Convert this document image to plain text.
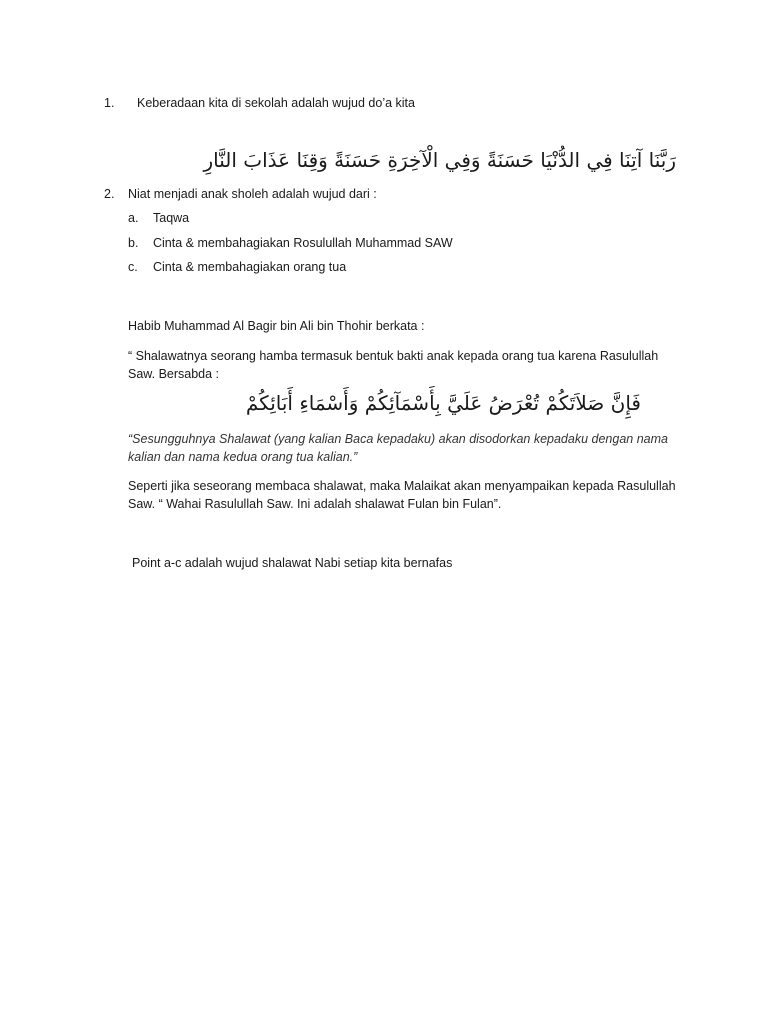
1. Keberadaan kita di sekolah adalah wujud do’a kita
رَبَّنَا آتِنَا فِي الدُّنْيَا حَسَنَةً وَفِي الْآخِرَةِ حَسَنَةً وَقِنَا عَذَابَ النَّارِ
2. Niat menjadi anak sholeh adalah wujud dari :
a. Taqwa
b. Cinta & membahagiakan Rosulullah Muhammad SAW
c. Cinta & membahagiakan orang tua
Habib Muhammad Al Bagir bin Ali bin Thohir berkata :
“ Shalawatnya seorang hamba termasuk bentuk bakti anak kepada orang tua karena Rasulullah Saw. Bersabda :
فَإِنَّ صَلاَتَكُمْ تُعْرَضُ عَلَيَّ بِأَسْمَآئِكُمْ وَأَسْمَاءِ أَبَائِكُمْ
“Sesungguhnya Shalawat (yang kalian Baca kepadaku) akan disodorkan kepadaku dengan nama kalian dan nama kedua orang tua kalian.”
Seperti jika seseorang membaca shalawat, maka Malaikat akan menyampaikan kepada Rasulullah Saw. “ Wahai Rasulullah Saw. Ini adalah shalawat Fulan bin Fulan”.
Point a-c adalah wujud shalawat Nabi setiap kita bernafas
